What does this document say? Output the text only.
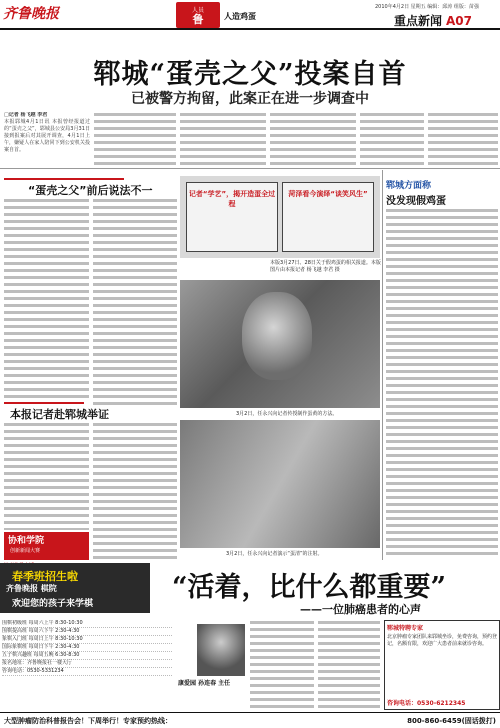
齐鲁晚报	人员
鲁	人造鸡蛋
2010年4月2日 星期五 编辑：邱涛 组版：苗强
重点新闻 A07
郓城“蛋壳之父”投案自首
已被警方拘留，此案正在进一步调查中
□记者 杨飞越 李君
本报郓城4月1日讯 本报曾经报道过的“蛋壳之父”，郓城县公安局3月31日接到报案后对其展开调查，4月1日上午，嫌疑人在家人陪同下到公安机关投案自首。
“蛋壳之父”前后说法不一	记者“学艺”，揭开造蛋全过程
菏泽看今演绎“谈笑风生”
本版3月27日、28日关于假鸡蛋的相关报道。本版图片由本报记者 杨飞越 李君 摄
3月2日，任永兴向记者传授制作蛋黄的方法。
郓城方面称
没发现假鸡蛋
本报记者赴郓城举证
3月2日，任永兴向记者演示“蛋清”的注射。
协和学院
创新新闻大赛
春季班招生啦
齐鲁晚报 棋院
欢迎您的孩子来学棋
“活着，比什么都重要”
——一位肺癌患者的心声
围棋初级班 每周六上午 8:30-10:30
围棋提高班 每周六下午 2:30-4:30
象棋入门班 每周日上午 8:30-10:30
国际象棋班 每周日下午 2:30-4:30
五子棋兴趣班 每周五晚 6:30-8:30
报名地址：齐鲁晚报社一楼大厅
咨询电话：0530-5331234
康爱园 孙连春 主任
郓城特聘专家
北京肿瘤专家团队来郓城坐诊，免费咨询，预约登记，名额有限，欢迎广大患者前来就诊咨询。
咨询电话：0530-6212345
大型肿瘤防治科普报告会！下周举行！专家预约热线：	800-860-6459(固话拨打)
